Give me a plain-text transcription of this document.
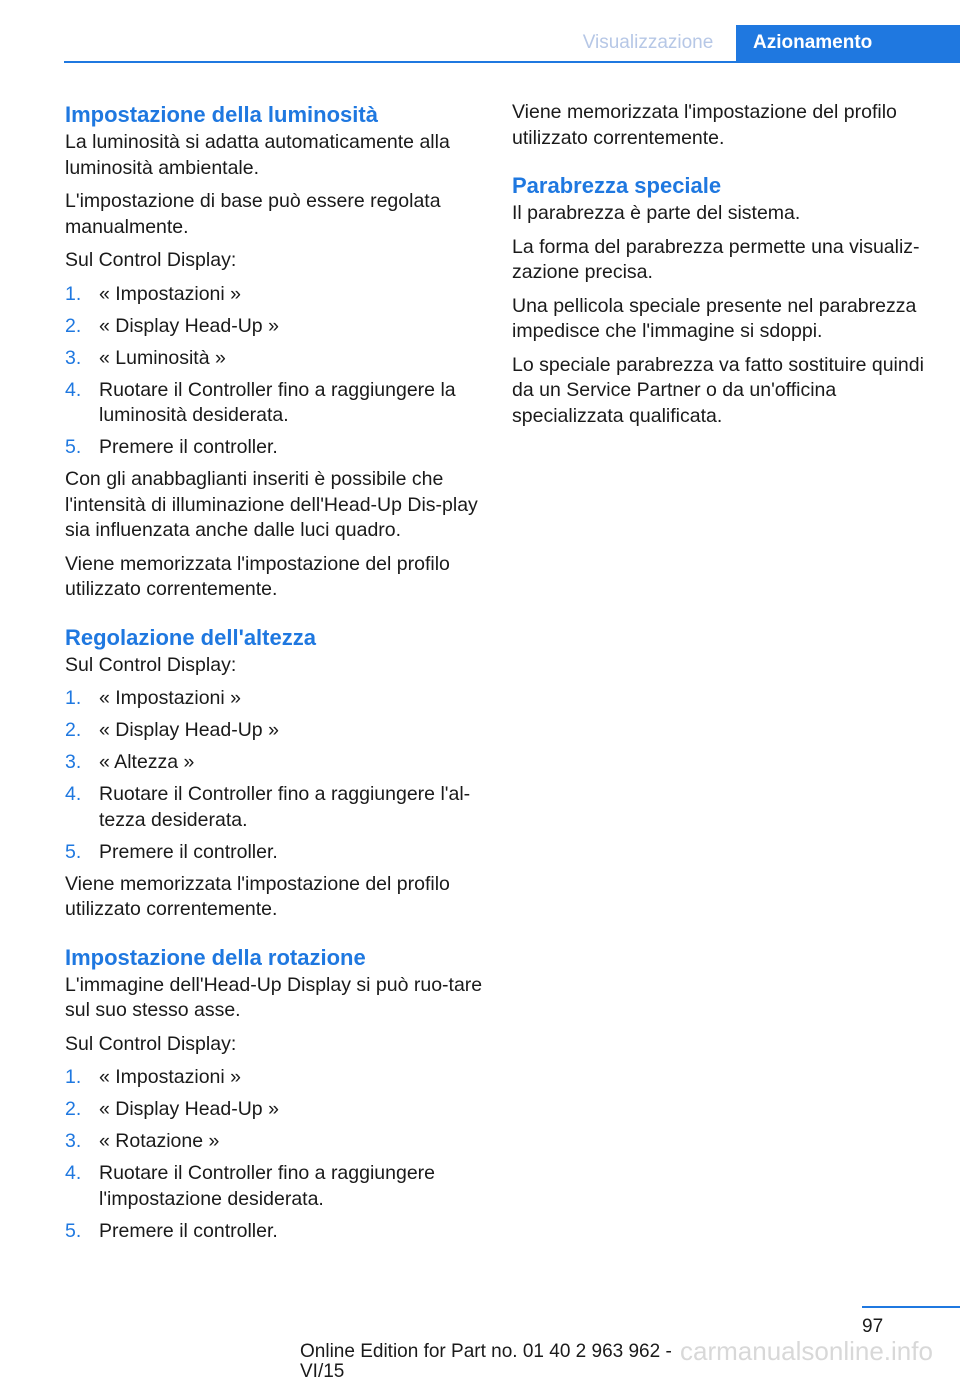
Visualizzazione	Azionamento
Impostazione della luminosità

La luminosità si adatta automaticamente alla luminosità ambientale.

L'impostazione di base può essere regolata manualmente.

Sul Control Display:

1. « Impostazioni »
2. « Display Head-Up »
3. « Luminosità »
4. Ruotare il Controller fino a raggiungere la luminosità desiderata.
5. Premere il controller.

Con gli anabbaglianti inseriti è possibile che l'intensità di illuminazione dell'Head-Up Dis-play sia influenzata anche dalle luci quadro.

Viene memorizzata l'impostazione del profilo utilizzato correntemente.

Regolazione dell'altezza

Sul Control Display:

1. « Impostazioni »
2. « Display Head-Up »
3. « Altezza »
4. Ruotare il Controller fino a raggiungere l'al-tezza desiderata.
5. Premere il controller.

Viene memorizzata l'impostazione del profilo utilizzato correntemente.

Impostazione della rotazione

L'immagine dell'Head-Up Display si può ruo-tare sul suo stesso asse.

Sul Control Display:

1. « Impostazioni »
2. « Display Head-Up »
3. « Rotazione »
4. Ruotare il Controller fino a raggiungere l'impostazione desiderata.
5. Premere il controller.

Viene memorizzata l'impostazione del profilo utilizzato correntemente.

Parabrezza speciale

Il parabrezza è parte del sistema.

La forma del parabrezza permette una visualiz-zazione precisa.

Una pellicola speciale presente nel parabrezza impedisce che l'immagine si sdoppi.

Lo speciale parabrezza va fatto sostituire quindi da un Service Partner o da un'officina specializzata qualificata.

97
Online Edition for Part no. 01 40 2 963 962 - VI/15
carmanualsonline.info
